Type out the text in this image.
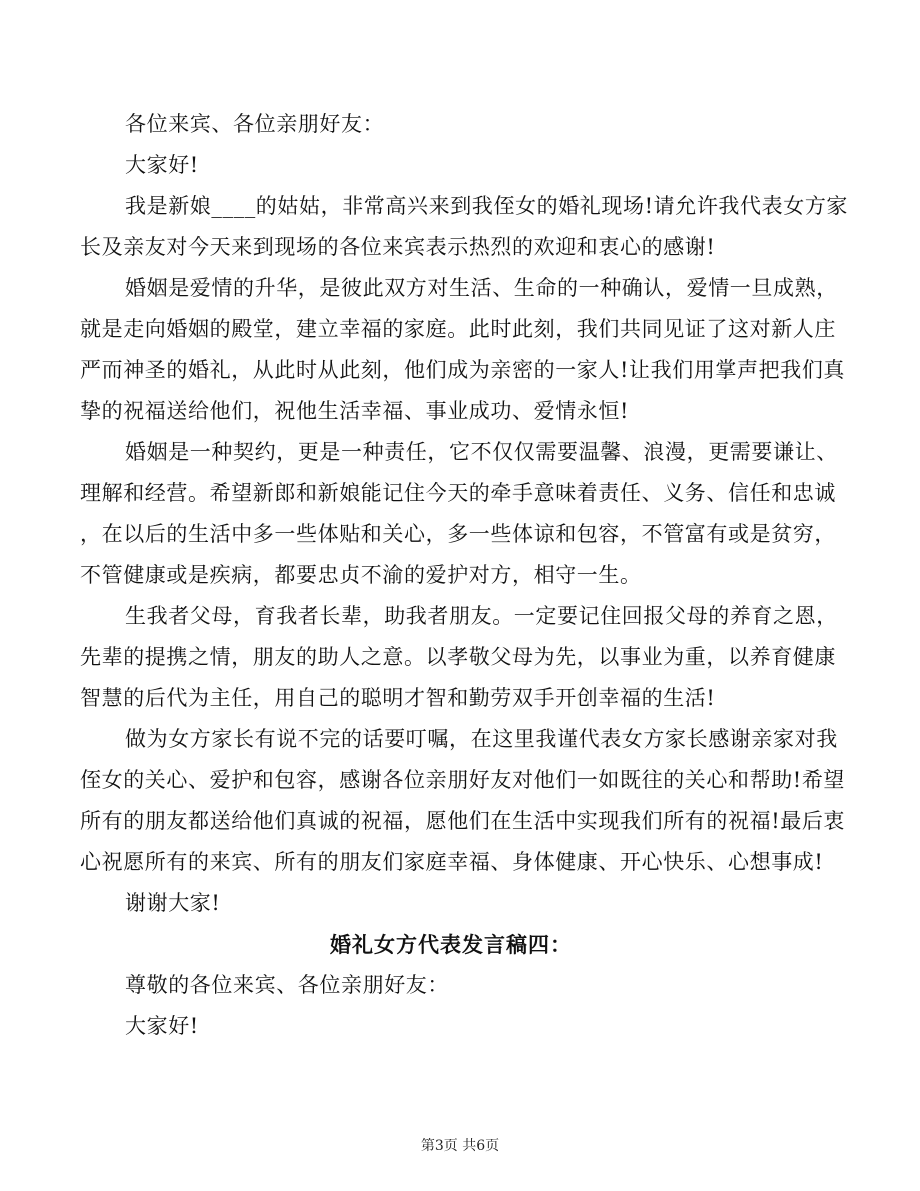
各位来宾、各位亲朋好友：

大家好!

我是新娘____的姑姑，非常高兴来到我侄女的婚礼现场!请允许我代表女方家
长及亲友对今天来到现场的各位来宾表示热烈的欢迎和衷心的感谢!
婚姻是爱情的升华，是彼此双方对生活、生命的一种确认，爱情一旦成熟，
就是走向婚姻的殿堂，建立幸福的家庭。此时此刻，我们共同见证了这对新人庄
严而神圣的婚礼，从此时从此刻，他们成为亲密的一家人!让我们用掌声把我们真
挚的祝福送给他们，祝他生活幸福、事业成功、爱情永恒!
婚姻是一种契约，更是一种责任，它不仅仅需要温馨、浪漫，更需要谦让、
理解和经营。希望新郎和新娘能记住今天的牵手意味着责任、义务、信任和忠诚
，在以后的生活中多一些体贴和关心，多一些体谅和包容，不管富有或是贫穷，
不管健康或是疾病，都要忠贞不渝的爱护对方，相守一生。
生我者父母，育我者长辈，助我者朋友。一定要记住回报父母的养育之恩，
先辈的提携之情，朋友的助人之意。以孝敬父母为先，以事业为重，以养育健康
智慧的后代为主任，用自己的聪明才智和勤劳双手开创幸福的生活!
做为女方家长有说不完的话要叮嘱，在这里我谨代表女方家长感谢亲家对我
侄女的关心、爱护和包容，感谢各位亲朋好友对他们一如既往的关心和帮助!希望
所有的朋友都送给他们真诚的祝福，愿他们在生活中实现我们所有的祝福!最后衷
心祝愿所有的来宾、所有的朋友们家庭幸福、身体健康、开心快乐、心想事成!

谢谢大家!

婚礼女方代表发言稿四：

尊敬的各位来宾、各位亲朋好友：

大家好!

第3页 共6页
